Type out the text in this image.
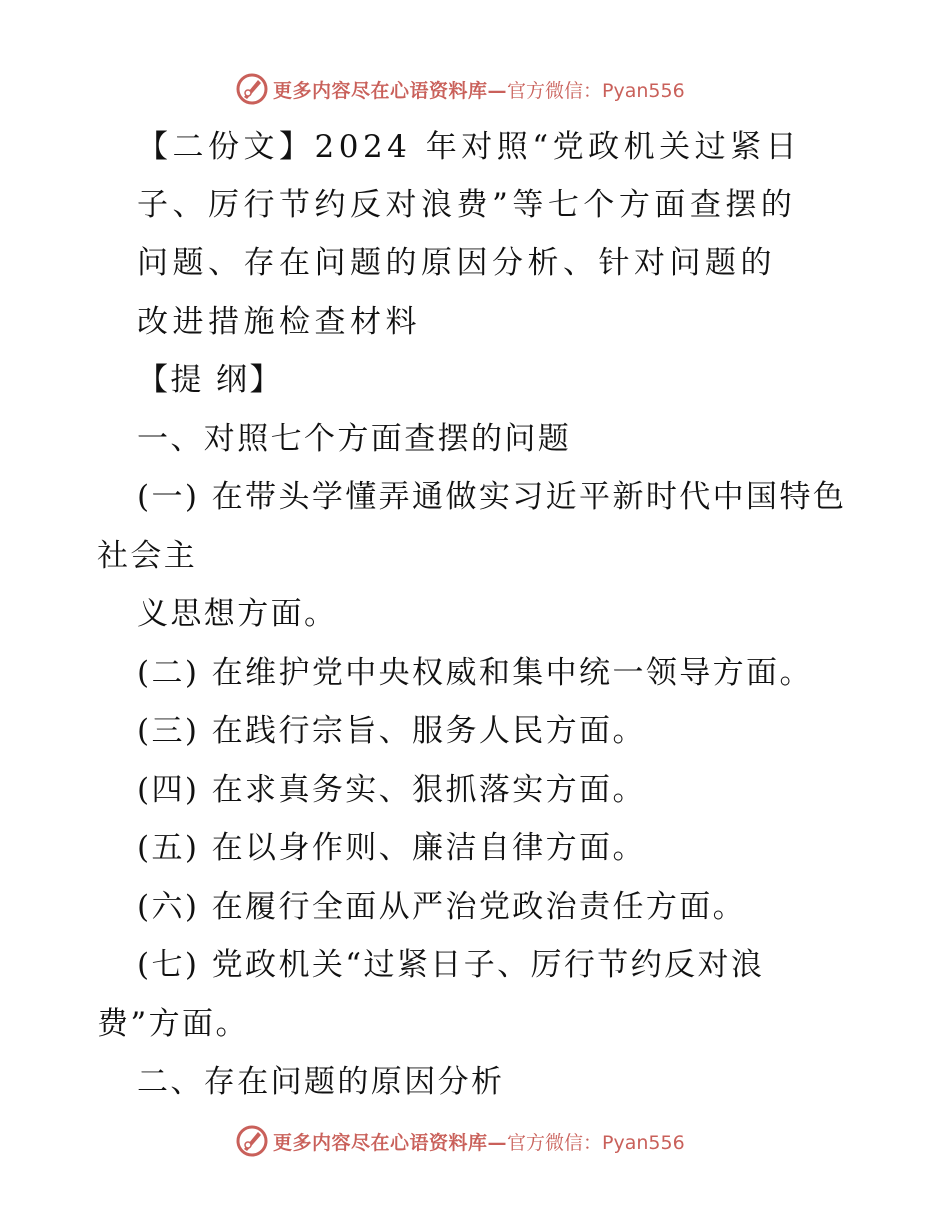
更多内容尽在心语资料库— 官方微信：Pyan556
【二份文】2024 年对照“党政机关过紧日
子、厉行节约反对浪费”等七个方面查摆的
问题、存在问题的原因分析、针对问题的
改进措施检查材料
【提 纲】
一、对照七个方面查摆的问题
(一) 在带头学懂弄通做实习近平新时代中国特色
社会主
义思想方面。
(二) 在维护党中央权威和集中统一领导方面。
(三) 在践行宗旨、服务人民方面。
(四) 在求真务实、狠抓落实方面。
(五) 在以身作则、廉洁自律方面。
(六) 在履行全面从严治党政治责任方面。
(七) 党政机关“过紧日子、厉行节约反对浪
费”方面。
二、存在问题的原因分析
更多内容尽在心语资料库— 官方微信：Pyan556
